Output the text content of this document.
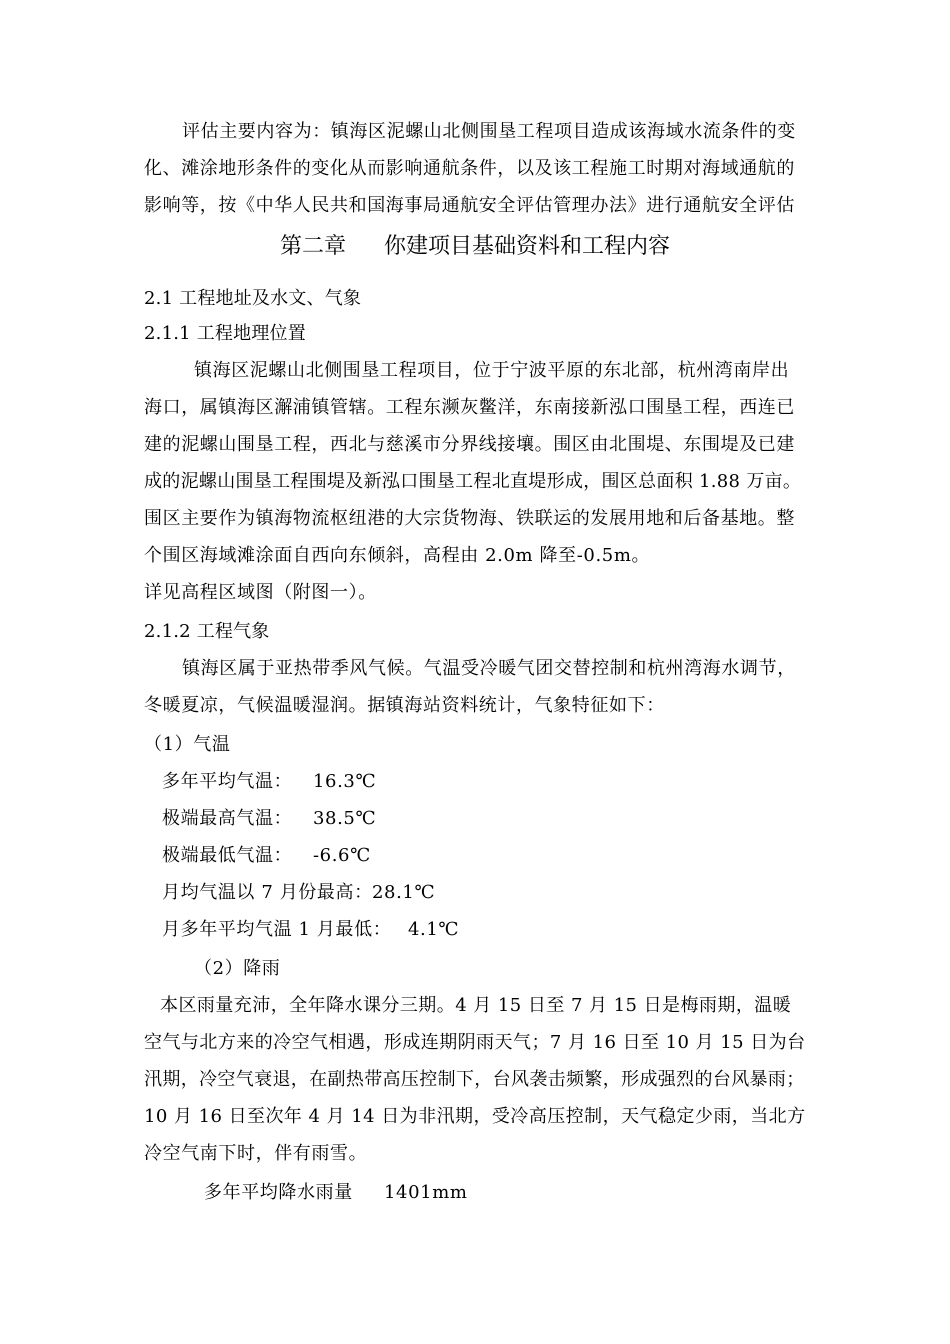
评估主要内容为：镇海区泥螺山北侧围垦工程项目造成该海域水流条件的变
化、滩涂地形条件的变化从而影响通航条件，以及该工程施工时期对海域通航的
影响等，按《中华人民共和国海事局通航安全评估管理办法》进行通航安全评估
第二章 你建项目基础资料和工程内容
2.1 工程地址及水文、气象
2.1.1 工程地理位置
镇海区泥螺山北侧围垦工程项目，位于宁波平原的东北部，杭州湾南岸出
海口，属镇海区澥浦镇管辖。工程东濒灰鳖洋，东南接新泓口围垦工程，西连已
建的泥螺山围垦工程，西北与慈溪市分界线接壤。围区由北围堤、东围堤及已建
成的泥螺山围垦工程围堤及新泓口围垦工程北直堤形成，围区总面积 1.88 万亩。
围区主要作为镇海物流枢纽港的大宗货物海、铁联运的发展用地和后备基地。整
个围区海域滩涂面自西向东倾斜，高程由 2.0m 降至-0.5m。
详见高程区域图（附图一）。
2.1.2 工程气象
镇海区属于亚热带季风气候。气温受冷暖气团交替控制和杭州湾海水调节，
冬暖夏凉，气候温暖湿润。据镇海站资料统计，气象特征如下：
（1）气温
多年平均气温： 16.3℃
极端最高气温： 38.5℃
极端最低气温： -6.6℃
月均气温以 7 月份最高： 28.1℃
月多年平均气温 1 月最低： 4.1℃
（2）降雨
本区雨量充沛，全年降水课分三期。4 月 15 日至 7 月 15 日是梅雨期，温暖
空气与北方来的冷空气相遇，形成连期阴雨天气；7 月 16 日至 10 月 15 日为台
汛期，冷空气衰退，在副热带高压控制下，台风袭击频繁，形成强烈的台风暴雨；
10 月 16 日至次年 4 月 14 日为非汛期，受冷高压控制，天气稳定少雨，当北方
冷空气南下时，伴有雨雪。
多年平均降水雨量 1401mm
